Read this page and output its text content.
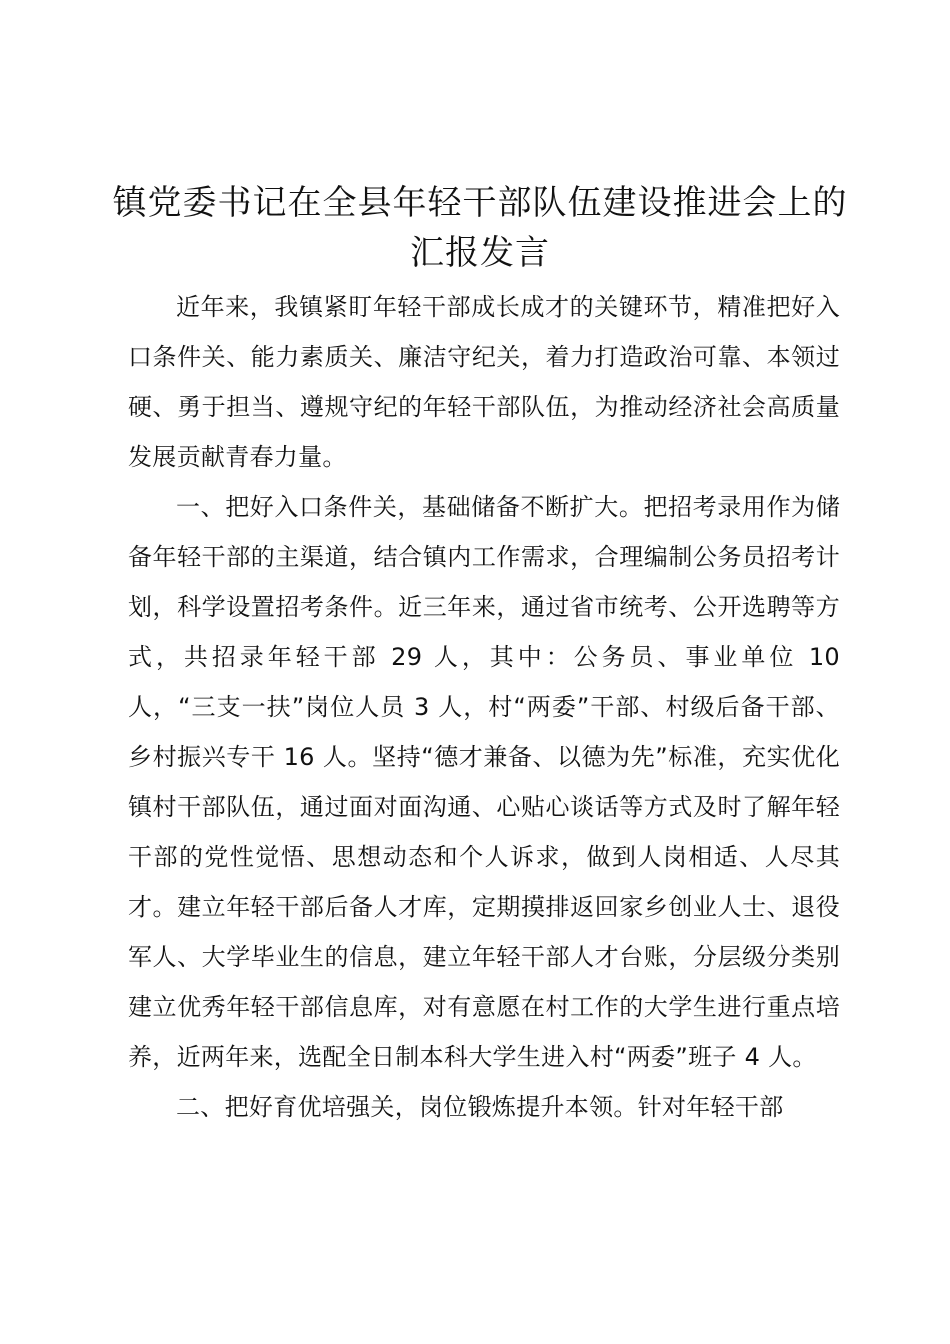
镇党委书记在全县年轻干部队伍建设推进会上的汇报发言

近年来，我镇紧盯年轻干部成长成才的关键环节，精准把好入口条件关、能力素质关、廉洁守纪关，着力打造政治可靠、本领过硬、勇于担当、遵规守纪的年轻干部队伍，为推动经济社会高质量发展贡献青春力量。

一、把好入口条件关，基础储备不断扩大。把招考录用作为储备年轻干部的主渠道，结合镇内工作需求，合理编制公务员招考计划，科学设置招考条件。近三年来，通过省市统考、公开选聘等方式，共招录年轻干部 29 人，其中：公务员、事业单位 10 人，“三支一扶”岗位人员 3 人，村“两委”干部、村级后备干部、乡村振兴专干 16 人。坚持“德才兼备、以德为先”标准，充实优化镇村干部队伍，通过面对面沟通、心贴心谈话等方式及时了解年轻干部的党性觉悟、思想动态和个人诉求，做到人岗相适、人尽其才。建立年轻干部后备人才库，定期摸排返回家乡创业人士、退役军人、大学毕业生的信息，建立年轻干部人才台账，分层级分类别建立优秀年轻干部信息库，对有意愿在村工作的大学生进行重点培养，近两年来，选配全日制本科大学生进入村“两委”班子 4 人。

二、把好育优培强关，岗位锻炼提升本领。针对年轻干部
